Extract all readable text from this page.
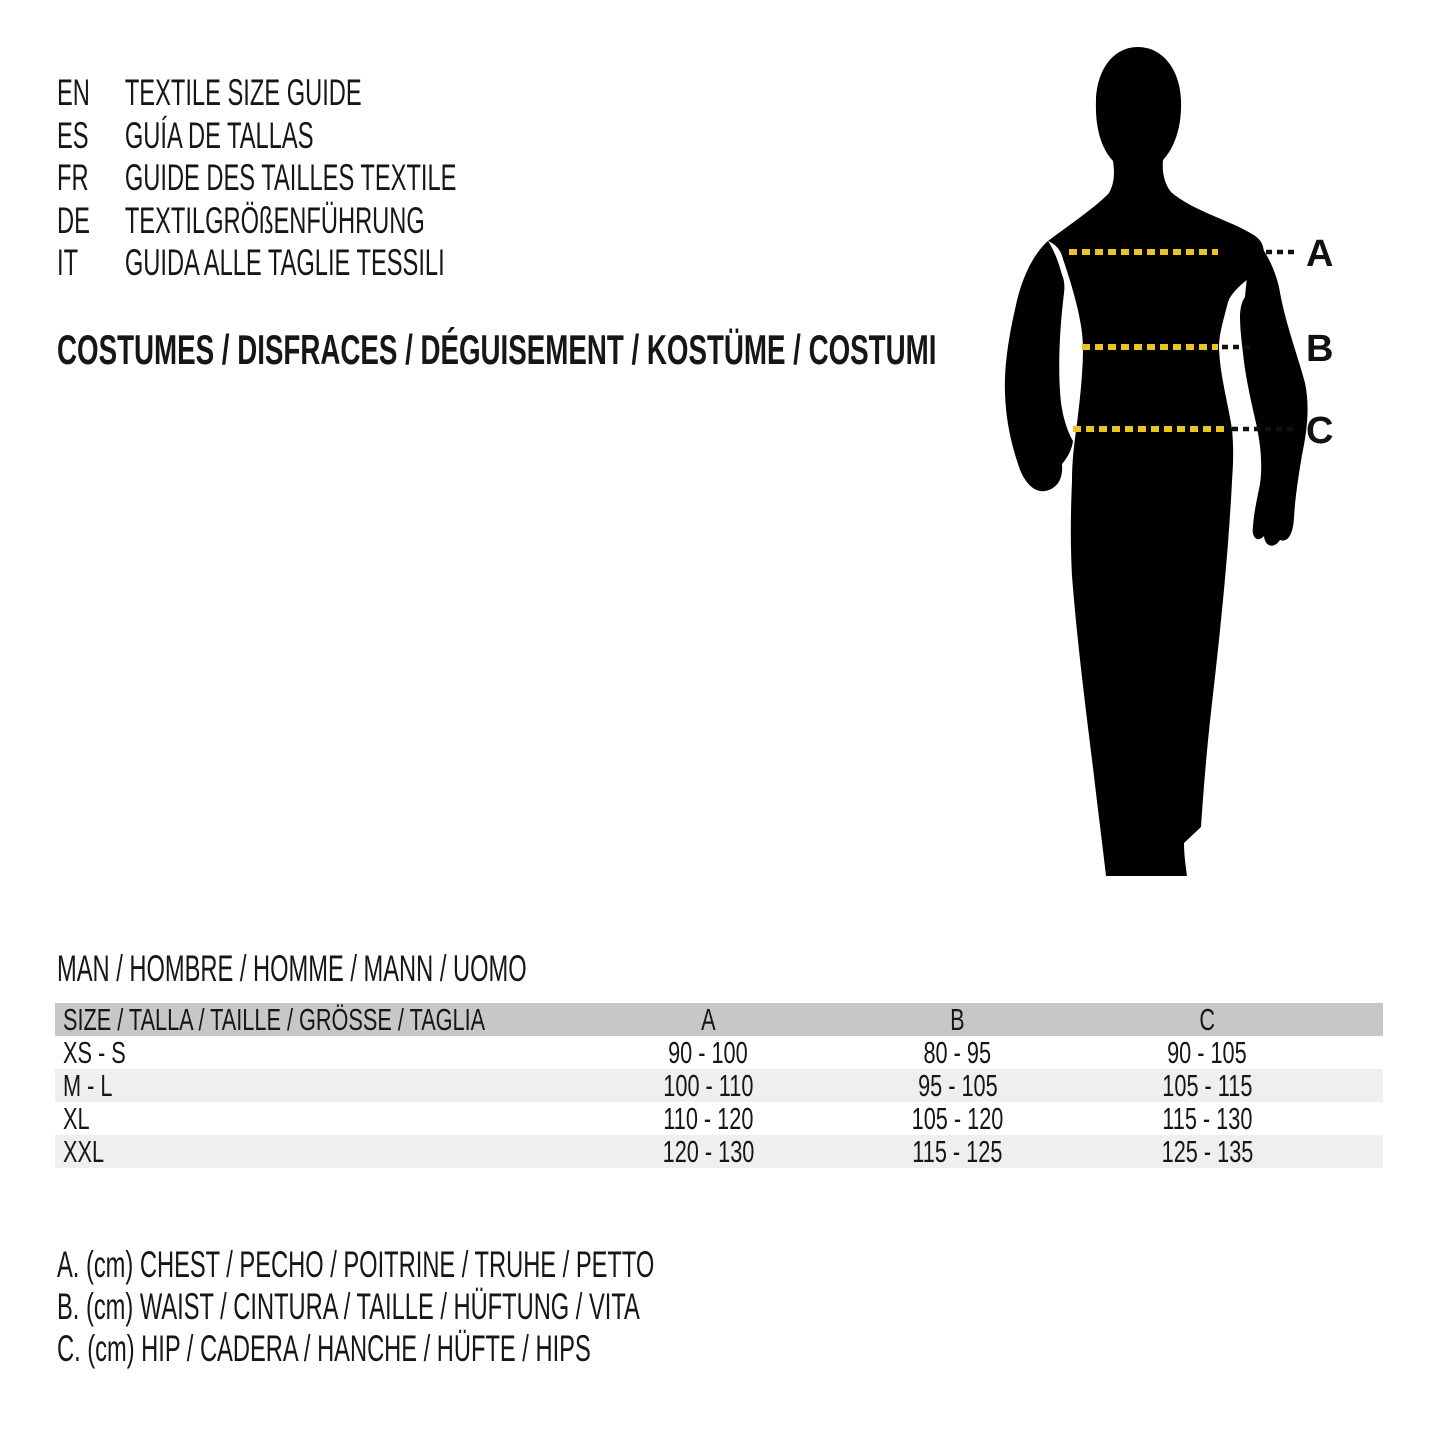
EN TEXTILE SIZE GUIDE
ES GUÍA DE TALLAS
FR GUIDE DES TAILLES TEXTILE
DE TEXTILGRÖßENFÜHRUNG
IT	GUIDA ALLE TAGLIE TESSILI
COSTUMES / DISFRACES / DÉGUISEMENT / KOSTÜME / COSTUMI
A
B
C
MAN / HOMBRE / HOMME / MANN / UOMO
SIZE / TALLA / TAILLE / GRÖSSE / TAGLIA	A	B	C	
XS - S	90 - 100	80 - 95	90 - 105	
M - L	100 - 110	95 - 105	105 - 115	
XL	110 - 120	105 - 120	115 - 130	
XXL	120 - 130	115 - 125	125 - 135	
A. (cm) CHEST / PECHO / POITRINE / TRUHE / PETTO
B. (cm) WAIST / CINTURA / TAILLE / HÜFTUNG / VITA
C. (cm) HIP / CADERA / HANCHE / HÜFTE / HIPS
